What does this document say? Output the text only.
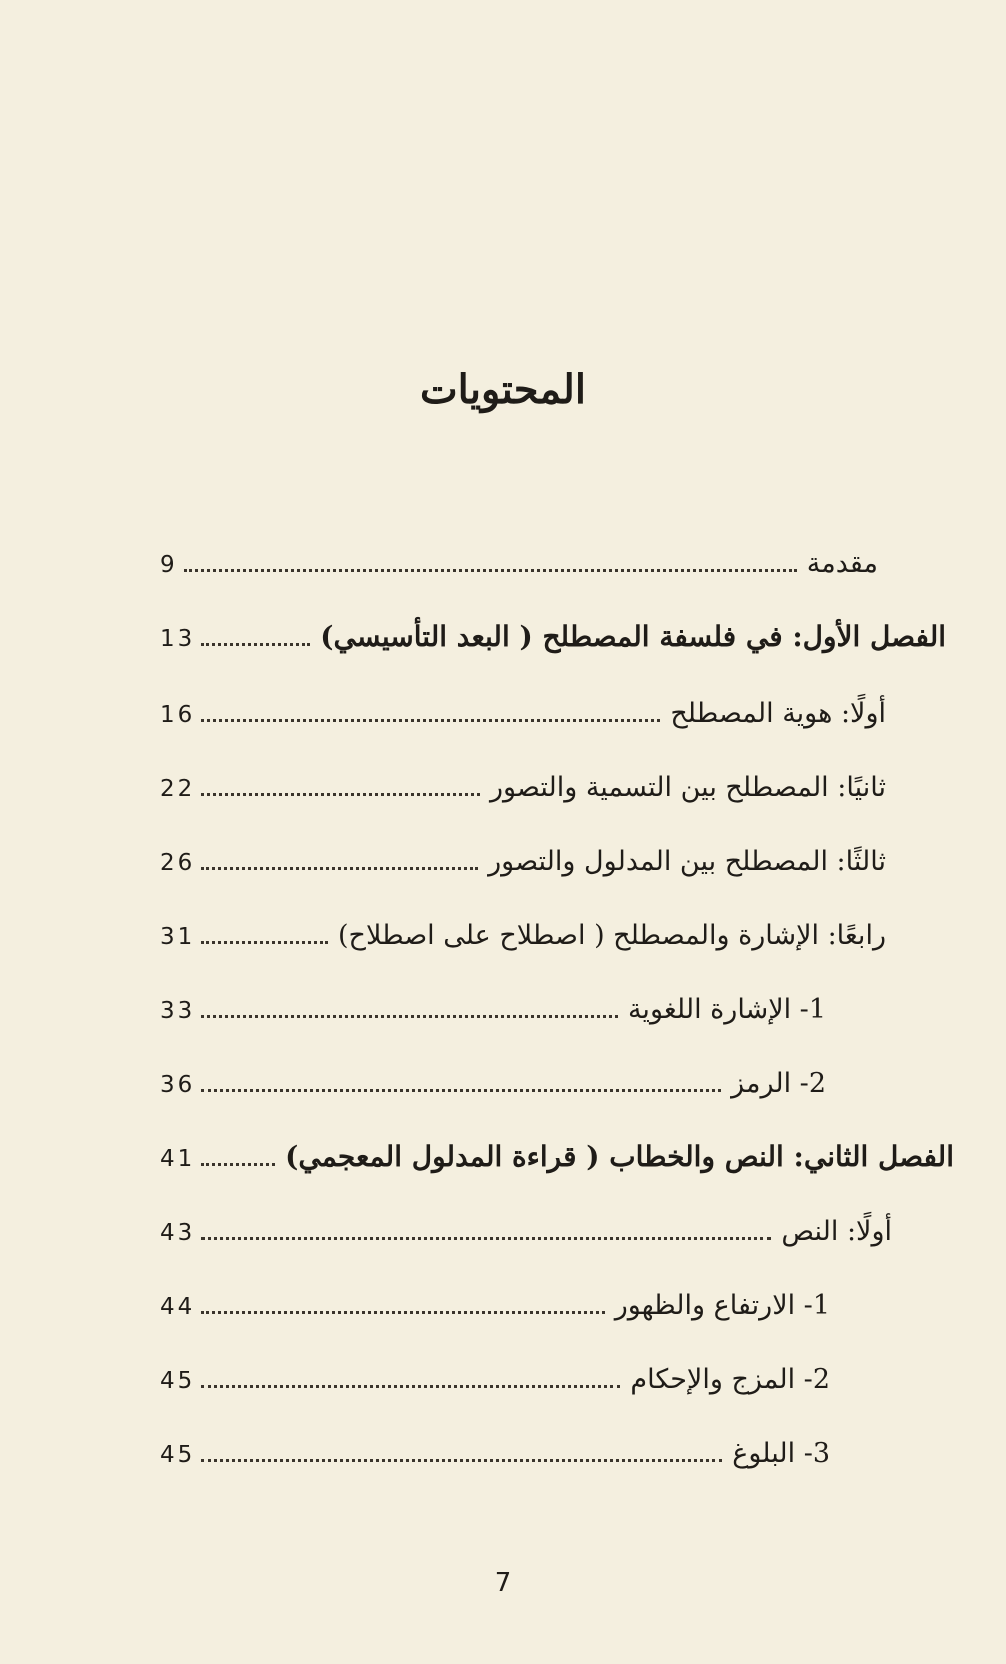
المحتويات
مقدمة
9
الفصل الأول: في فلسفة المصطلح ( البعد التأسيسي)
13
أولًا: هوية المصطلح
16
ثانيًا: المصطلح بين التسمية والتصور
22
ثالثًا: المصطلح بين المدلول والتصور
26
رابعًا: الإشارة والمصطلح ( اصطلاح على اصطلاح)
31
1- الإشارة اللغوية
33
2- الرمز
36
الفصل الثاني: النص والخطاب ( قراءة المدلول المعجمي)
41
أولًا: النص
43
1- الارتفاع والظهور
44
2- المزج والإحكام
45
3- البلوغ
45
7
